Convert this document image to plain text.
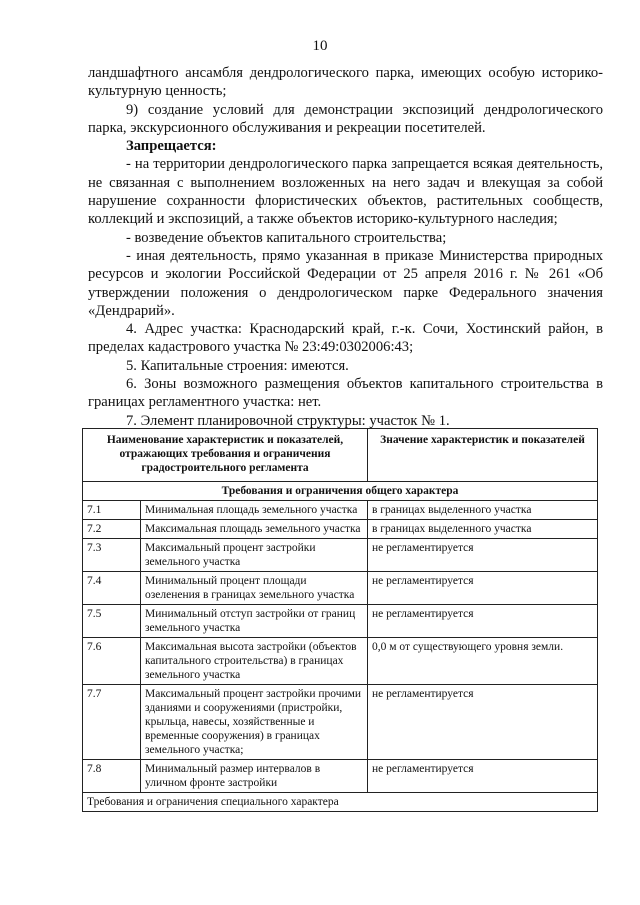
10

ландшафтного ансамбля дендрологического парка, имеющих особую историко-культурную ценность;

9) создание условий для демонстрации экспозиций дендрологического парка, экскурсионного обслуживания и рекреации посетителей.

Запрещается:

- на территории дендрологического парка запрещается всякая деятельность, не связанная с выполнением возложенных на него задач и влекущая за собой нарушение сохранности флористических объектов, растительных сообществ, коллекций и экспозиций, а также объектов историко-культурного наследия;

- возведение объектов капитального строительства;

- иная деятельность, прямо указанная в приказе Министерства природных ресурсов и экологии Российской Федерации от 25 апреля 2016 г. № 261 «Об утверждении положения о дендрологическом парке Федерального значения «Дендрарий».

4. Адрес участка: Краснодарский край, г.-к. Сочи, Хостинский район, в пределах кадастрового участка № 23:49:0302006:43;

5. Капитальные строения: имеются.

6. Зоны возможного размещения объектов капитального строительства в границах регламентного участка: нет.

7. Элемент планировочной структуры: участок № 1.

Наименование характеристик и показателей, отражающих требования и ограничения градостроительного регламента		Значение характеристик и показателей
Требования и ограничения общего характера		
7.1	Минимальная площадь земельного участка	в границах выделенного участка
7.2	Максимальная площадь земельного участка	в границах выделенного участка
7.3	Максимальный процент застройки земельного участка	не регламентируется
7.4	Минимальный процент площади озеленения в границах земельного участка	не регламентируется
7.5	Минимальный отступ застройки от границ земельного участка	не регламентируется
7.6	Максимальная высота застройки (объектов капитального строительства) в границах земельного участка	0,0 м от существующего уровня земли.
7.7	Максимальный процент застройки прочими зданиями и сооружениями (пристройки, крыльца, навесы, хозяйственные и временные сооружения) в границах земельного участка;	не регламентируется
7.8	Минимальный размер интервалов в уличном фронте застройки	не регламентируется
Требования и ограничения специального характера		
